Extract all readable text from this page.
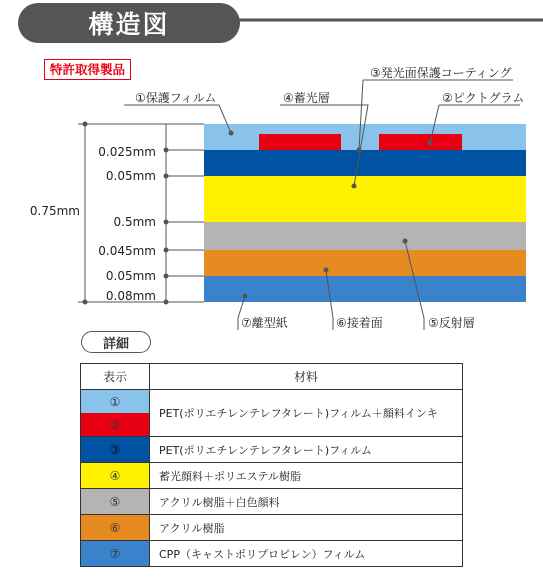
構造図
特許取得製品
①保護フィルム
③発光面保護コーティング
④蓄光層	②ピクトグラム
⑦離型紙	⑥接着面	⑤反射層
0.75mm
0.025mm
0.05mm
0.5mm
0.045mm
0.05mm
0.08mm
詳細
表示	材料
①	PET(ポリエチレンテレフタレート)フィルム＋顔料インキ
②	
③	PET(ポリエチレンテレフタレート)フィルム
④	蓄光顔料＋ポリエステル樹脂
⑤	アクリル樹脂＋白色顔料
⑥	アクリル樹脂
⑦	CPP（キャストポリプロピレン）フィルム
